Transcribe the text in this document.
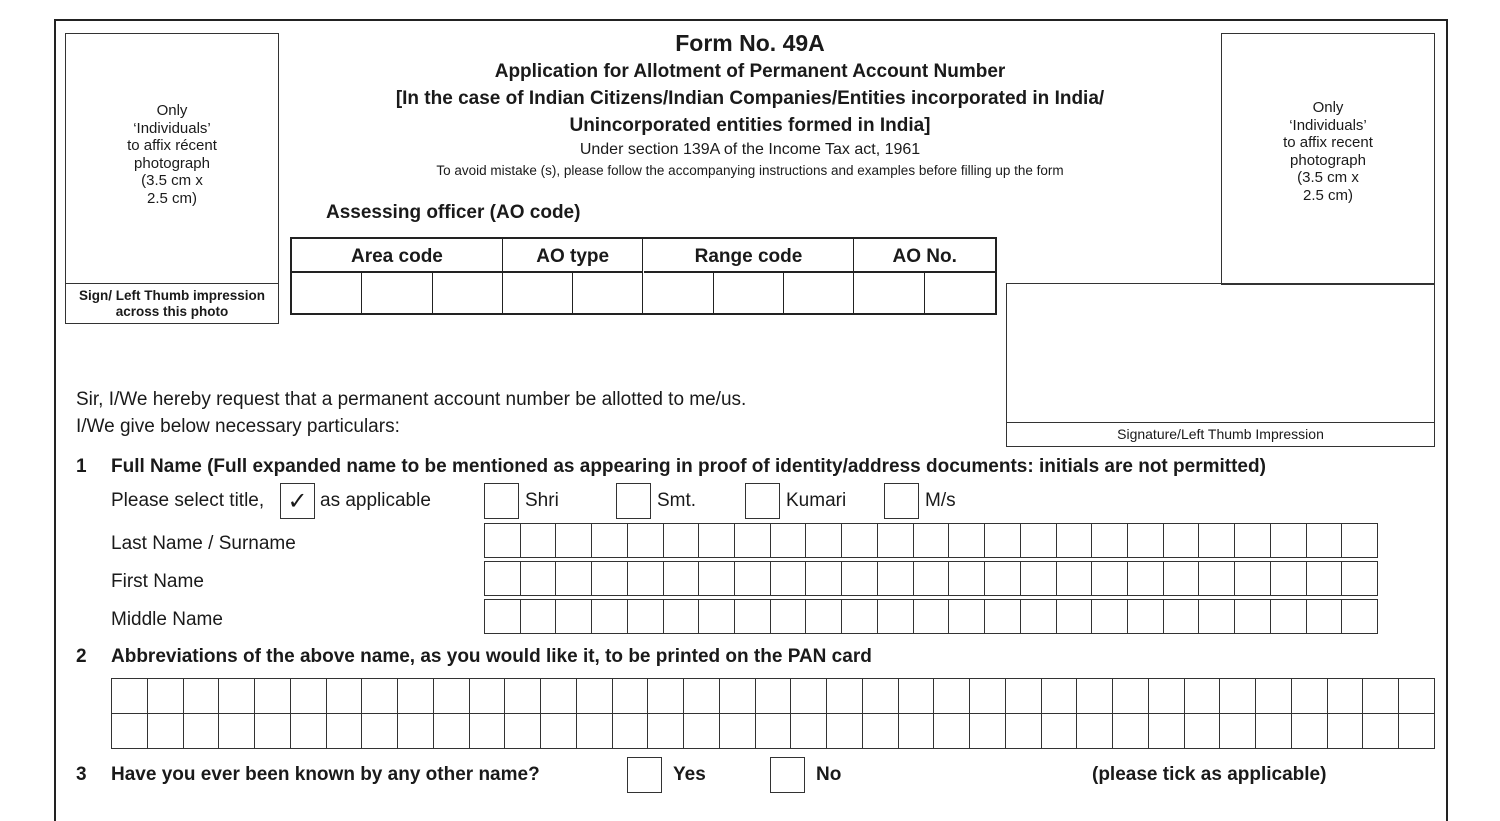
Only
‘Individuals’
to affix récent
photograph
(3.5 cm x
2.5 cm)
Sign/ Left Thumb impression
across this photo
Form No. 49A
Application for Allotment of Permanent Account Number
[In the case of Indian Citizens/Indian Companies/Entities incorporated in India/
Unincorporated entities formed in India]
Under section 139A of the Income Tax act, 1961
To avoid mistake (s), please follow the accompanying instructions and examples before filling up the form
Assessing officer (AO code)
Area code	AO type	Range code	AO No.
Only
‘Individuals’
to affix recent
photograph
(3.5 cm x
2.5 cm)
Signature/Left Thumb Impression
Sir, I/We hereby request that a permanent account number be allotted to me/us.
I/We give below necessary particulars:
1 Full Name (Full expanded name to be mentioned as appearing in proof of identity/address documents: initials are not permitted)
Please select title, ✓ as applicable	Shri	Smt.	Kumari	M/s
Last Name / Surname
First Name
Middle Name
2 Abbreviations of the above name, as you would like it, to be printed on the PAN card
3 Have you ever been known by any other name?	Yes	No	(please tick as applicable)
